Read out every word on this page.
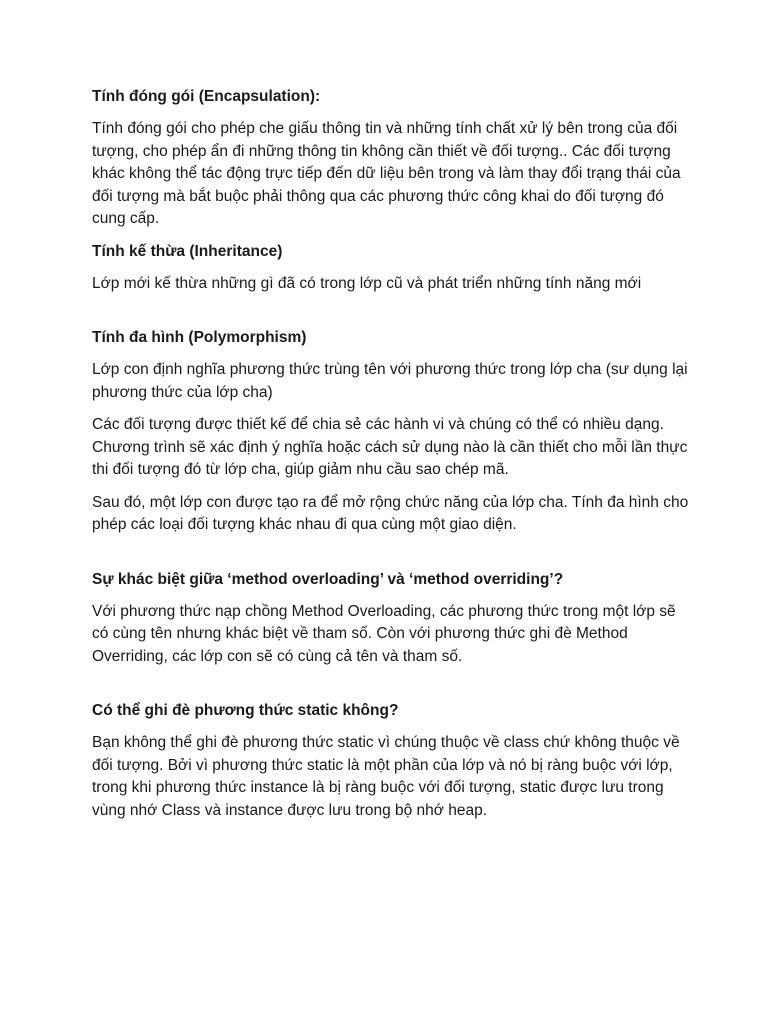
Tính đóng gói (Encapsulation):
Tính đóng gói cho phép che giấu thông tin và những tính chất xử lý bên trong của đối tượng, cho phép ẩn đi những thông tin không cần thiết về đối tượng.. Các đối tượng khác không thể tác động trực tiếp đến dữ liệu bên trong và làm thay đổi trạng thái của đối tượng mà bắt buộc phải thông qua các phương thức công khai do đối tượng đó cung cấp.
Tính kế thừa (Inheritance)
Lớp mới kế thừa những gì đã có trong lớp cũ và phát triển những tính năng mới
Tính đa hình (Polymorphism)
Lớp con định nghĩa phương thức trùng tên với phương thức trong lớp cha (sư dụng lại phương thức của lớp cha)
Các đối tượng được thiết kế để chia sẻ các hành vi và chúng có thể có nhiều dạng. Chương trình sẽ xác định ý nghĩa hoặc cách sử dụng nào là cần thiết cho mỗi lần thực thi đối tượng đó từ lớp cha, giúp giảm nhu cầu sao chép mã.
Sau đó, một lớp con được tạo ra để mở rộng chức năng của lớp cha. Tính đa hình cho phép các loại đối tượng khác nhau đi qua cùng một giao diện.
Sự khác biệt giữa ‘method overloading’ và ‘method overriding’?
Với phương thức nạp chồng Method Overloading, các phương thức trong một lớp sẽ có cùng tên nhưng khác biệt về tham số. Còn với phương thức ghi đè Method Overriding, các lớp con sẽ có cùng cả tên và tham số.
Có thể ghi đè phương thức static không?
Bạn không thể ghi đè phương thức static vì chúng thuộc về class chứ không thuộc về đối tượng. Bởi vì phương thức static là một phần của lớp và nó bị ràng buộc với lớp, trong khi phương thức instance là bị ràng buộc với đối tượng, static được lưu trong vùng nhớ Class và instance được lưu trong bộ nhớ heap.
